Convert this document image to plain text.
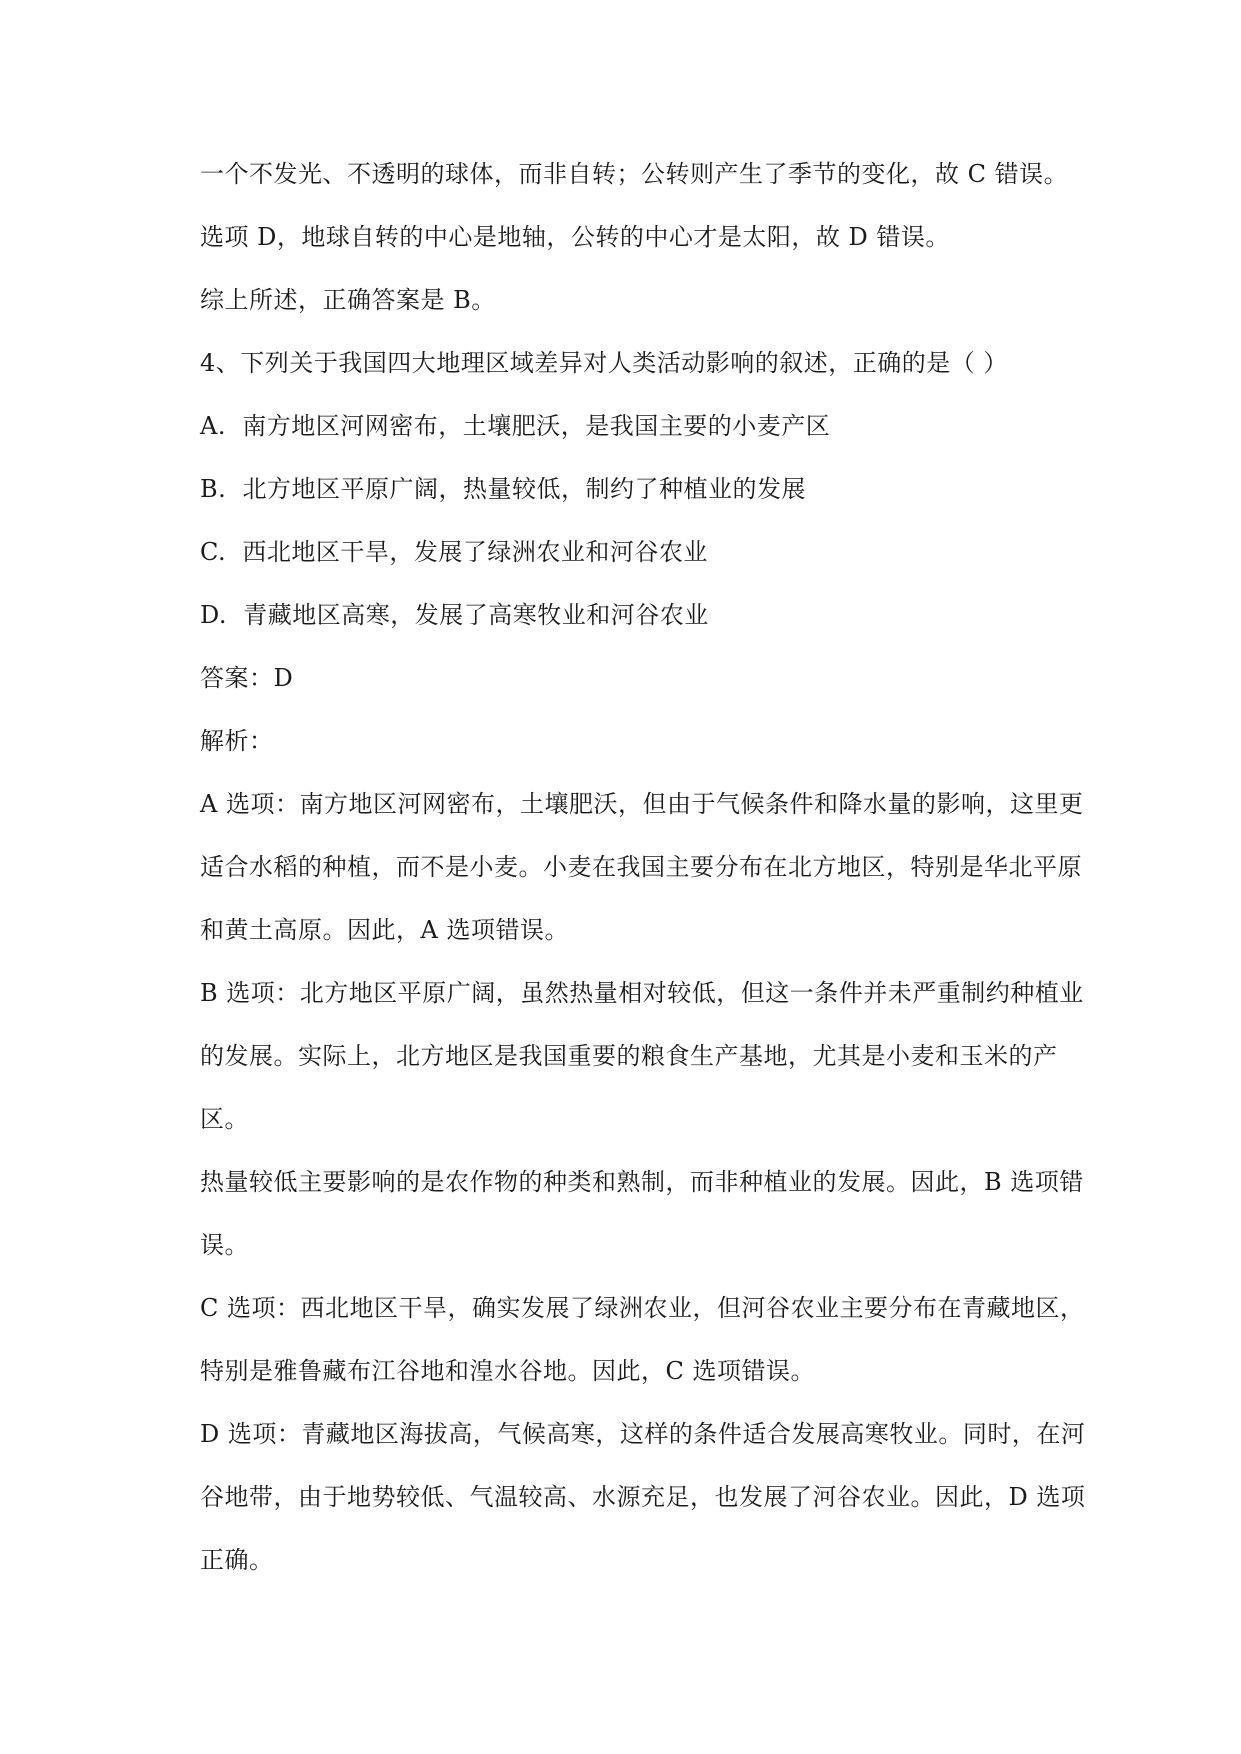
一个不发光、不透明的球体，而非自转；公转则产生了季节的变化，故 C 错误。

选项 D，地球自转的中心是地轴，公转的中心才是太阳，故 D 错误。

综上所述，正确答案是 B。

4、下列关于我国四大地理区域差异对人类活动影响的叙述，正确的是（ ）

A.  南方地区河网密布，土壤肥沃，是我国主要的小麦产区

B.  北方地区平原广阔，热量较低，制约了种植业的发展

C.  西北地区干旱，发展了绿洲农业和河谷农业

D.  青藏地区高寒，发展了高寒牧业和河谷农业

答案：D

解析：

A 选项：南方地区河网密布，土壤肥沃，但由于气候条件和降水量的影响，这里更

适合水稻的种植，而不是小麦。小麦在我国主要分布在北方地区，特别是华北平原

和黄土高原。因此，A 选项错误。

B 选项：北方地区平原广阔，虽然热量相对较低，但这一条件并未严重制约种植业

的发展。实际上，北方地区是我国重要的粮食生产基地，尤其是小麦和玉米的产区。

热量较低主要影响的是农作物的种类和熟制，而非种植业的发展。因此，B 选项错

误。

C 选项：西北地区干旱，确实发展了绿洲农业，但河谷农业主要分布在青藏地区，

特别是雅鲁藏布江谷地和湟水谷地。因此，C 选项错误。

D 选项：青藏地区海拔高，气候高寒，这样的条件适合发展高寒牧业。同时，在河

谷地带，由于地势较低、气温较高、水源充足，也发展了河谷农业。因此，D 选项

正确。
